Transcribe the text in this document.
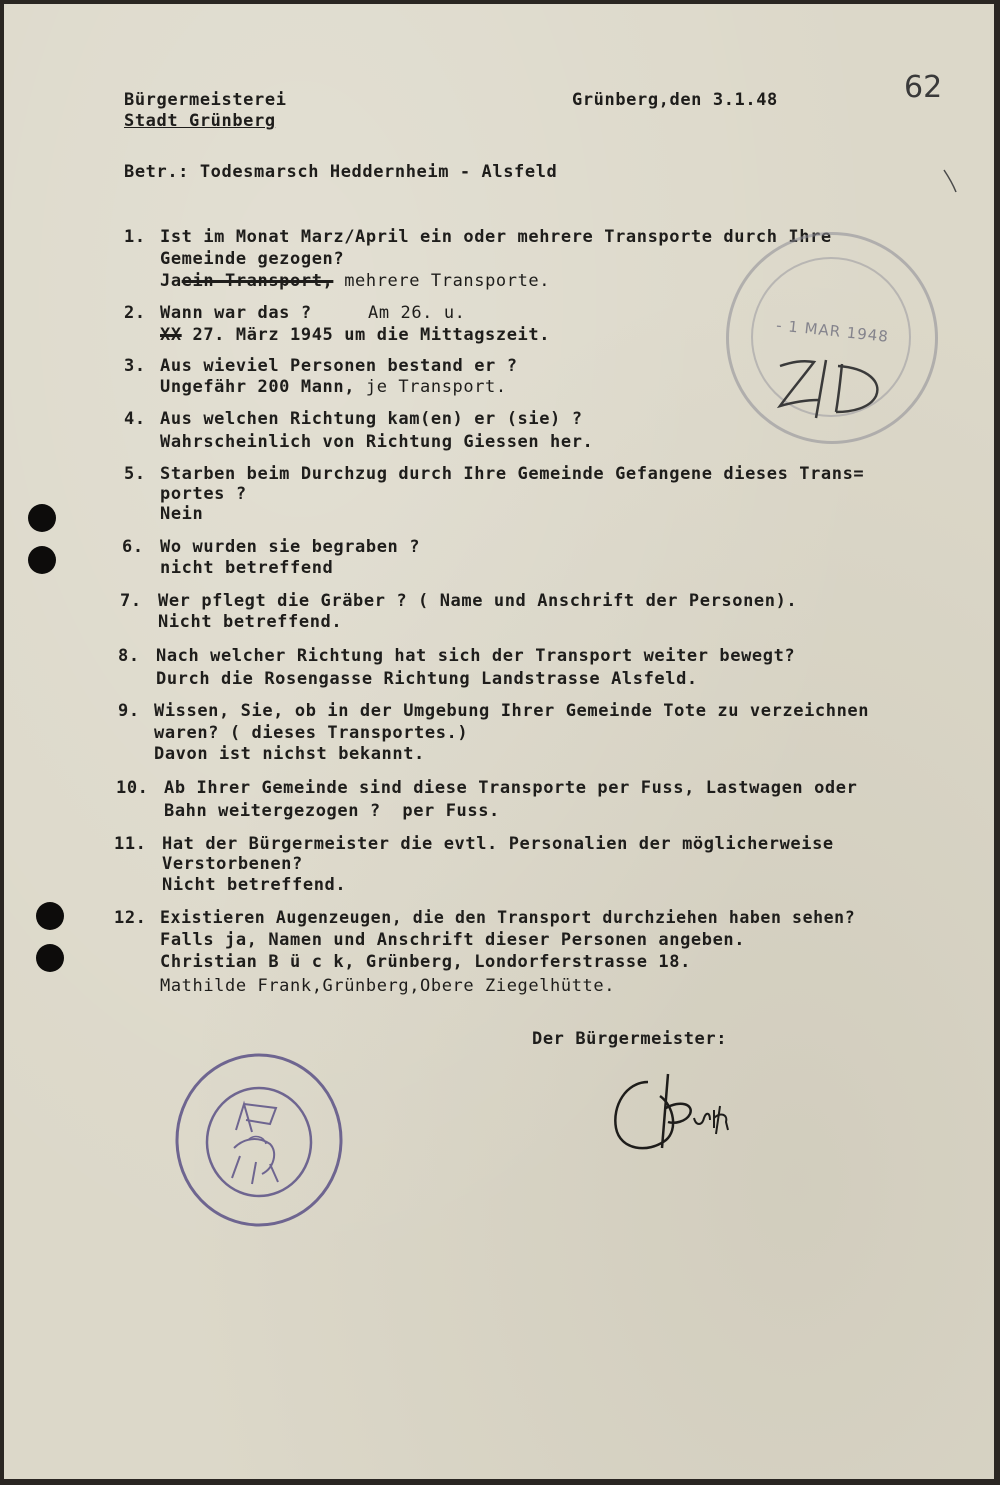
62
Bürgermeisterei
Stadt Grünberg
Grünberg,den 3.1.48
Betr.: Todesmarsch Heddernheim - Alsfeld
1. Ist im Monat Marz/April ein oder mehrere Transporte durch Ihre
Gemeinde gezogen?
Jaein Transport, mehrere Transporte.
2. Wann war das ?	Am 26. u.
XX 27. März 1945 um die Mittagszeit.
3. Aus wieviel Personen bestand er ?
Ungefähr 200 Mann, je Transport.
4. Aus welchen Richtung kam(en) er (sie) ?
Wahrscheinlich von Richtung Giessen her.
5. Starben beim Durchzug durch Ihre Gemeinde Gefangene dieses Trans=
portes ?
Nein
6. Wo wurden sie begraben ?
nicht betreffend
7. Wer pflegt die Gräber ? ( Name und Anschrift der Personen).
Nicht betreffend.
8. Nach welcher Richtung hat sich der Transport weiter bewegt?
Durch die Rosengasse Richtung Landstrasse Alsfeld.
9. Wissen, Sie, ob in der Umgebung Ihrer Gemeinde Tote zu verzeichnen
waren? ( dieses Transportes.)
Davon ist nichst bekannt.
10. Ab Ihrer Gemeinde sind diese Transporte per Fuss, Lastwagen oder
Bahn weitergezogen ? per Fuss.
11. Hat der Bürgermeister die evtl. Personalien der möglicherweise
Verstorbenen?
Nicht betreffend.
12. Existieren Augenzeugen, die den Transport durchziehen haben sehen?
Falls ja, Namen und Anschrift dieser Personen angeben.
Christian B ü c k, Grünberg, Londorferstrasse 18.
Mathilde Frank,Grünberg,Obere Ziegelhütte.
Der Bürgermeister:
- 1 MAR 1948
